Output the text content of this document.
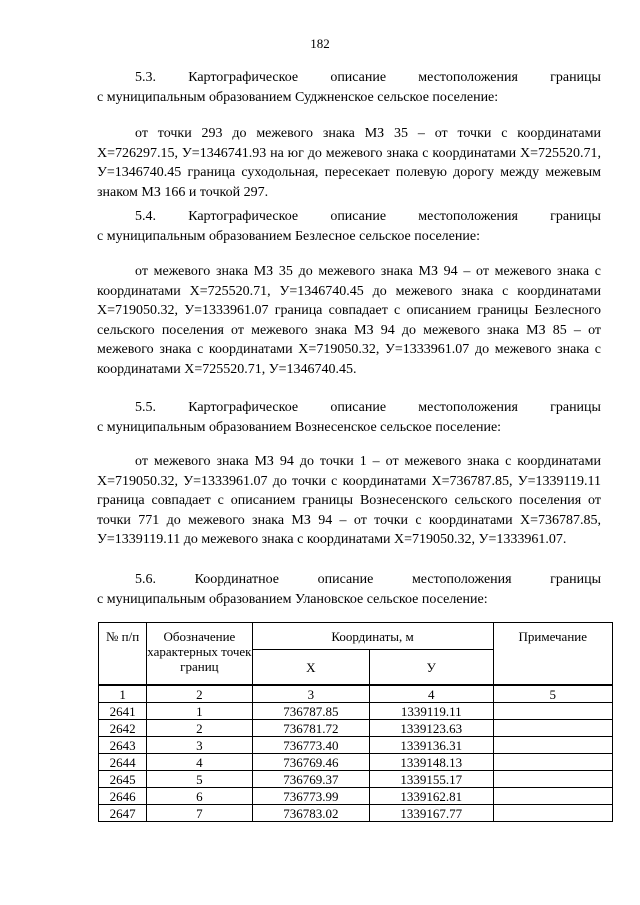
182
5.3. Картографическое описание местоположения границы
с муниципальным образованием Суджненское сельское поселение:
от точки 293 до межевого знака МЗ 35 – от точки с координатами Х=726297.15, У=1346741.93 на юг до межевого знака с координатами Х=725520.71, У=1346740.45 граница суходольная, пересекает полевую дорогу между межевым знаком МЗ 166 и точкой 297.
5.4. Картографическое описание местоположения границы
с муниципальным образованием Безлесное сельское поселение:
от межевого знака МЗ 35 до межевого знака МЗ 94 – от межевого знака с координатами Х=725520.71, У=1346740.45 до межевого знака с координатами Х=719050.32, У=1333961.07 граница совпадает с описанием границы Безлесного сельского поселения от межевого знака МЗ 94 до межевого знака МЗ 85 – от межевого знака с координатами Х=719050.32, У=1333961.07 до межевого знака с координатами Х=725520.71, У=1346740.45.
5.5. Картографическое описание местоположения границы
с муниципальным образованием Вознесенское сельское поселение:
от межевого знака МЗ 94 до точки 1 – от межевого знака с координатами Х=719050.32, У=1333961.07 до точки с координатами Х=736787.85, У=1339119.11 граница совпадает с описанием границы Вознесенского сельского поселения от точки 771 до межевого знака МЗ 94 – от точки с координатами Х=736787.85, У=1339119.11 до межевого знака с координатами Х=719050.32, У=1333961.07.
5.6.	Координатное	описание	местоположения	границы
с муниципальным образованием Улановское сельское поселение:
№ п/п	Обозначение характерных точек границ	Координаты, м		Примечание
		Х	У	
1	2	3	4	5
2641	1	736787.85	1339119.11	
2642	2	736781.72	1339123.63	
2643	3	736773.40	1339136.31	
2644	4	736769.46	1339148.13	
2645	5	736769.37	1339155.17	
2646	6	736773.99	1339162.81	
2647	7	736783.02	1339167.77	
